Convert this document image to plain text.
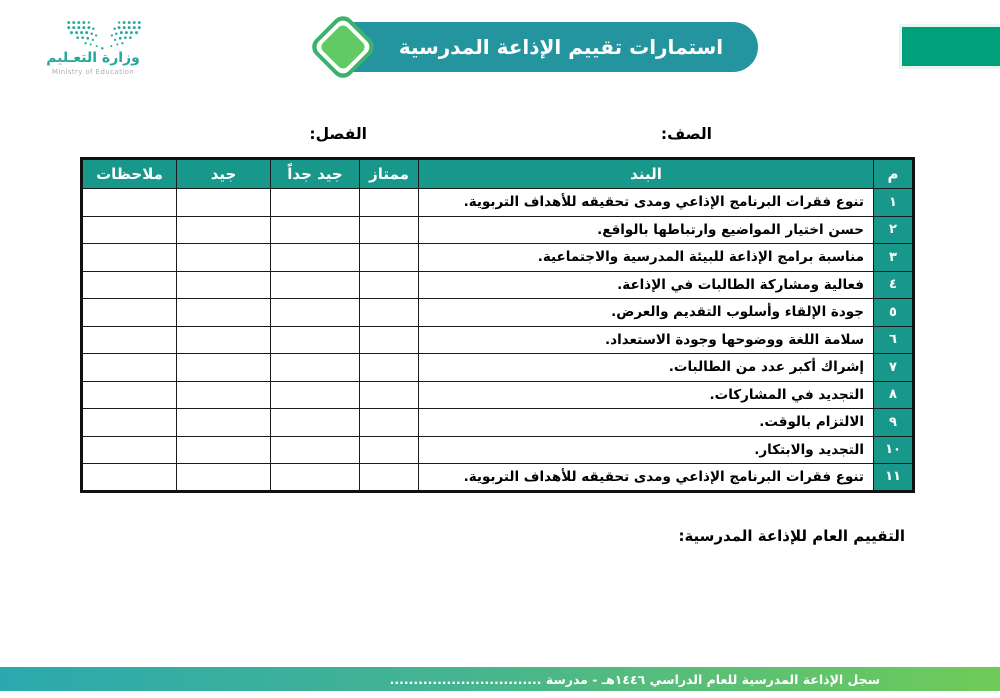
وزارة التعـليم
Ministry of Education
استمارات تقييم الإذاعة المدرسية
الصف:
الفصل:
م	البند	ممتاز	جيد جداً	جيد	ملاحظات
١	تنوع فقرات البرنامج الإذاعي ومدى تحقيقه للأهداف التربوية.				
٢	حسن اختيار المواضيع وارتباطها بالواقع.				
٣	مناسبة برامج الإذاعة للبيئة المدرسية والاجتماعية.				
٤	فعالية ومشاركة الطالبات في الإذاعة.				
٥	جودة الإلقاء وأسلوب التقديم والعرض.				
٦	سلامة اللغة ووضوحها وجودة الاستعداد.				
٧	إشراك أكبر عدد من الطالبات.				
٨	التجديد في المشاركات.				
٩	الالتزام بالوقت.				
١٠	التجديد والابتكار.				
١١	تنوع فقرات البرنامج الإذاعي ومدى تحقيقه للأهداف التربوية.				
التقييم العام للإذاعة المدرسية:
سجل الإذاعة المدرسية للعام الدراسي ١٤٤٦هـ - مدرسة ................................
